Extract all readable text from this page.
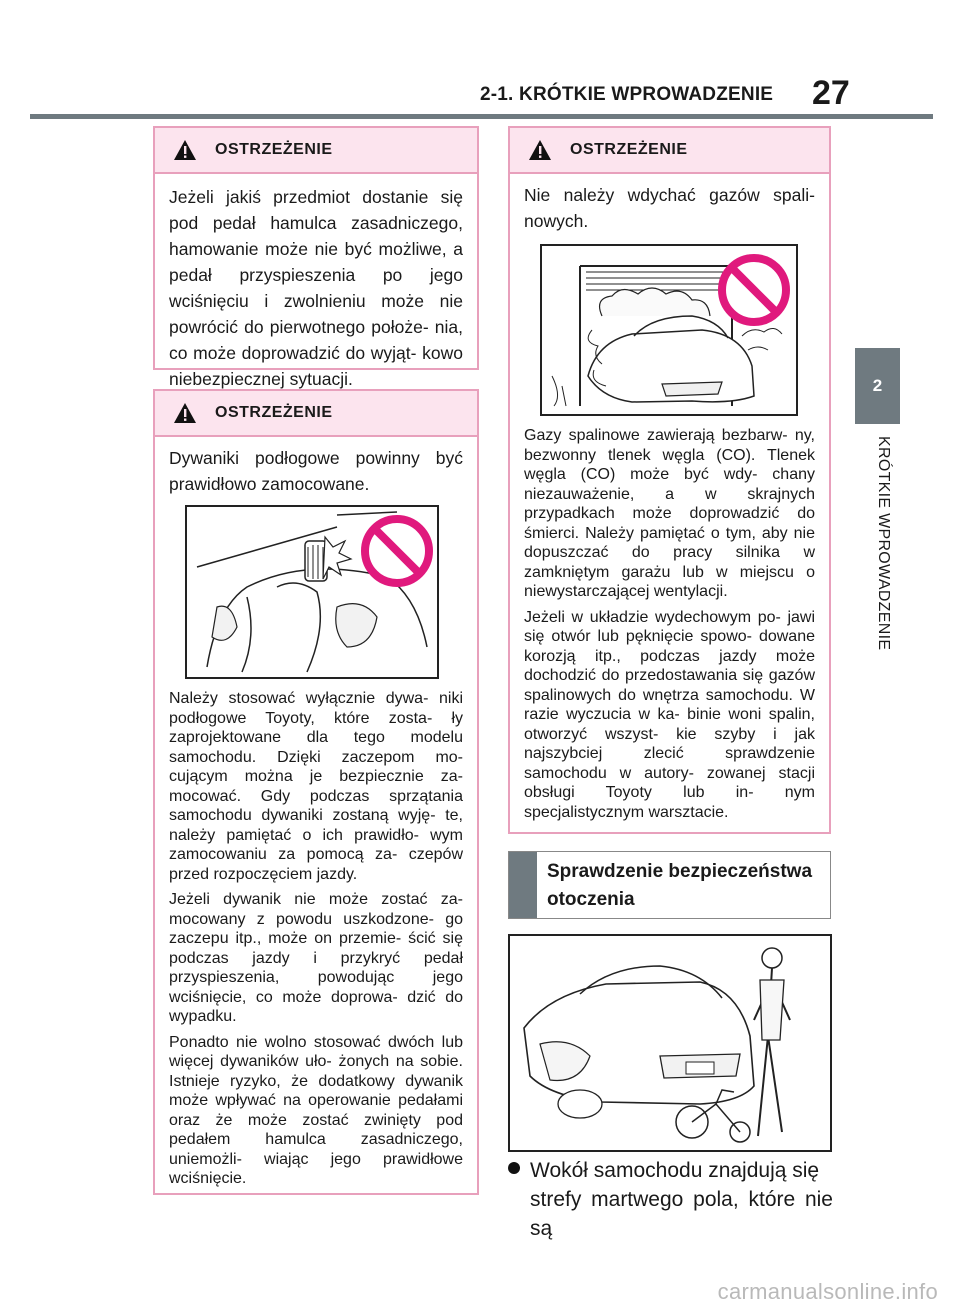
2-1. KRÓTKIE WPROWADZENIE 27
2
KRÓTKIE WPROWADZENIE
OSTRZEŻENIE

Jeżeli jakiś przedmiot dostanie się pod pedał hamulca zasadniczego, hamowanie może nie być możliwe, a pedał przyspieszenia po jego wciśnięciu i zwolnieniu może nie powrócić do pierwotnego położe- nia, co może doprowadzić do wyjąt- kowo niebezpiecznej sytuacji.

OSTRZEŻENIE

Dywaniki podłogowe powinny być prawidłowo zamocowane.

Należy stosować wyłącznie dywa- niki podłogowe Toyoty, które zosta- ły zaprojektowane dla tego modelu samochodu. Dzięki zaczepom mo- cującym można je bezpiecznie za- mocować. Gdy podczas sprzątania samochodu dywaniki zostaną wyję- te, należy pamiętać o ich prawidło- wym zamocowaniu za pomocą za- czepów przed rozpoczęciem jazdy.

Jeżeli dywanik nie może zostać za- mocowany z powodu uszkodzone- go zaczepu itp., może on przemie- ścić się podczas jazdy i przykryć pedał przyspieszenia, powodując jego wciśnięcie, co może doprowa- dzić do wypadku.

Ponadto nie wolno stosować dwóch lub więcej dywaników uło- żonych na sobie. Istnieje ryzyko, że dodatkowy dywanik może wpływać na operowanie pedałami oraz że może zostać zwinięty pod pedałem hamulca zasadniczego, uniemożli- wiając jego prawidłowe wciśnięcie.

OSTRZEŻENIE

Nie należy wdychać gazów spali- nowych.

Gazy spalinowe zawierają bezbarw- ny, bezwonny tlenek węgla (CO). Tlenek węgla (CO) może być wdy- chany niezauważenie, a w skrajnych przypadkach może doprowadzić do śmierci. Należy pamiętać o tym, aby nie dopuszczać do pracy silnika w zamkniętym garażu lub w miejscu o niewystarczającej wentylacji.

Jeżeli w układzie wydechowym po- jawi się otwór lub pęknięcie spowo- dowane korozją itp., podczas jazdy może dochodzić do przedostawania się gazów spalinowych do wnętrza samochodu. W razie wyczucia w ka- binie woni spalin, otworzyć wszyst- kie szyby i jak najszybciej zlecić sprawdzenie samochodu w autory- zowanej stacji obsługi Toyoty lub in- nym specjalistycznym warsztacie.

Sprawdzenie bezpieczeństwa otoczenia
Wokół samochodu znajdują się
strefy martwego pola, które nie są
carmanualsonline.info
